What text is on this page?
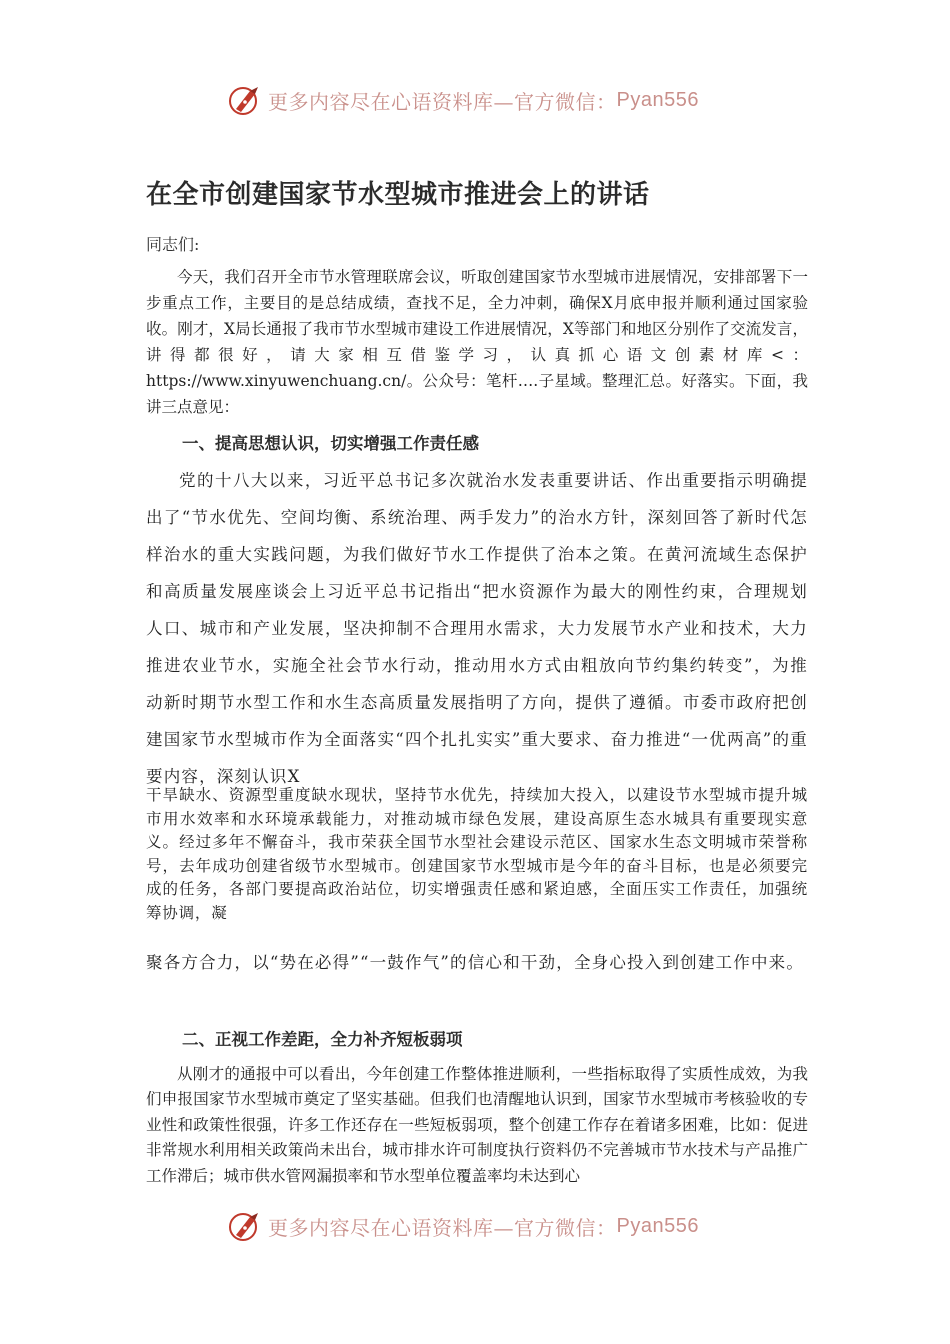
更多内容尽在心语资料库—官方微信： Pyan556
在全市创建国家节水型城市推进会上的讲话
同志们:

今天，我们召开全市节水管理联席会议，听取创建国家节水型城市进展情况，安排部署下一步重点工作，主要目的是总结成绩，查找不足，全力冲刺，确保X月底申报并顺利通过国家验收。刚才，X局长通报了我市节水型城市建设工作进展情况，X等部门和地区分别作了交流发言，讲得都很好，请大家相互借鉴学习，认真抓心语文创素材库<：https://www.xinyuwenchuang.cn/。公众号：笔杆….子星域。整理汇总。好落实。下面，我讲三点意见：

一、提高思想认识，切实增强工作责任感

党的十八大以来，习近平总书记多次就治水发表重要讲话、作出重要指示明确提出了“节水优先、空间均衡、系统治理、两手发力”的治水方针，深刻回答了新时代怎样治水的重大实践问题，为我们做好节水工作提供了治本之策。在黄河流域生态保护和高质量发展座谈会上习近平总书记指出“把水资源作为最大的刚性约束，合理规划人口、城市和产业发展，坚决抑制不合理用水需求，大力发展节水产业和技术，大力推进农业节水，实施全社会节水行动，推动用水方式由粗放向节约集约转变”，为推动新时期节水型工作和水生态高质量发展指明了方向，提供了遵循。市委市政府把创建国家节水型城市作为全面落实“四个扎扎实实”重大要求、奋力推进“一优两高”的重要内容，深刻认识X

干旱缺水、资源型重度缺水现状，坚持节水优先，持续加大投入，以建设节水型城市提升城市用水效率和水环境承载能力，对推动城市绿色发展，建设高原生态水城具有重要现实意义。经过多年不懈奋斗，我市荣获全国节水型社会建设示范区、国家水生态文明城市荣誉称号，去年成功创建省级节水型城市。创建国家节水型城市是今年的奋斗目标，也是必须要完成的任务，各部门要提高政治站位，切实增强责任感和紧迫感，全面压实工作责任，加强统筹协调，凝

聚各方合力，以“势在必得”“一鼓作气”的信心和干劲，全身心投入到创建工作中来。

二、正视工作差距，全力补齐短板弱项

从刚才的通报中可以看出，今年创建工作整体推进顺利，一些指标取得了实质性成效，为我们申报国家节水型城市奠定了坚实基础。但我们也清醒地认识到，国家节水型城市考核验收的专业性和政策性很强，许多工作还存在一些短板弱项，整个创建工作存在着诸多困难，比如：促进非常规水利用相关政策尚未出台，城市排水许可制度执行资料仍不完善城市节水技术与产品推广工作滞后；城市供水管网漏损率和节水型单位覆盖率均未达到心

更多内容尽在心语资料库—官方微信： Pyan556
